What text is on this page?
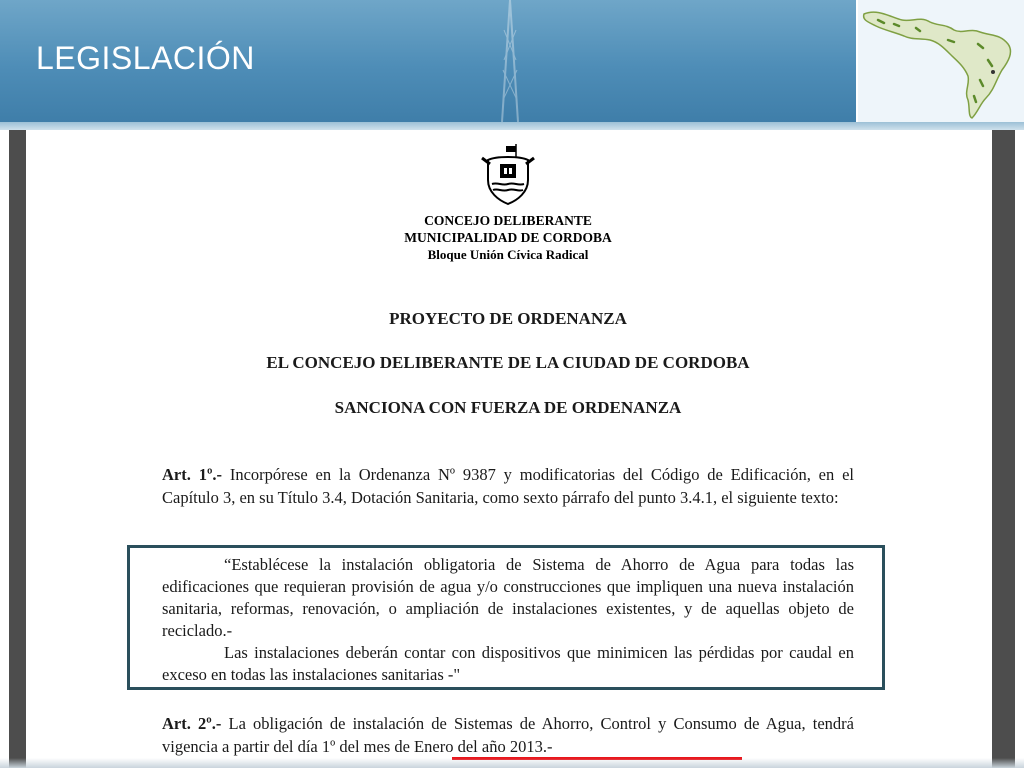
LEGISLACIÓN
CONCEJO DELIBERANTE
MUNICIPALIDAD DE CORDOBA
Bloque Unión Cívica Radical
PROYECTO DE ORDENANZA
EL CONCEJO DELIBERANTE DE LA CIUDAD DE CORDOBA
SANCIONA CON FUERZA DE ORDENANZA

Art. 1º.- Incorpórese en la Ordenanza Nº 9387 y modificatorias del Código de Edificación, en el Capítulo 3, en su Título 3.4, Dotación Sanitaria, como sexto párrafo del punto 3.4.1, el siguiente texto:

“Establécese la instalación obligatoria de Sistema de Ahorro de Agua para todas las edificaciones que requieran provisión de agua y/o construcciones que impliquen una nueva instalación sanitaria, reformas, renovación, o ampliación de instalaciones existentes, y de aquellas objeto de reciclado.-
Las instalaciones deberán contar con dispositivos que minimicen las pérdidas por caudal en exceso en todas las instalaciones sanitarias -"

Art. 2º.- La obligación de instalación de Sistemas de Ahorro, Control y Consumo de Agua, tendrá vigencia a partir del día 1º del mes de Enero del año 2013.-
